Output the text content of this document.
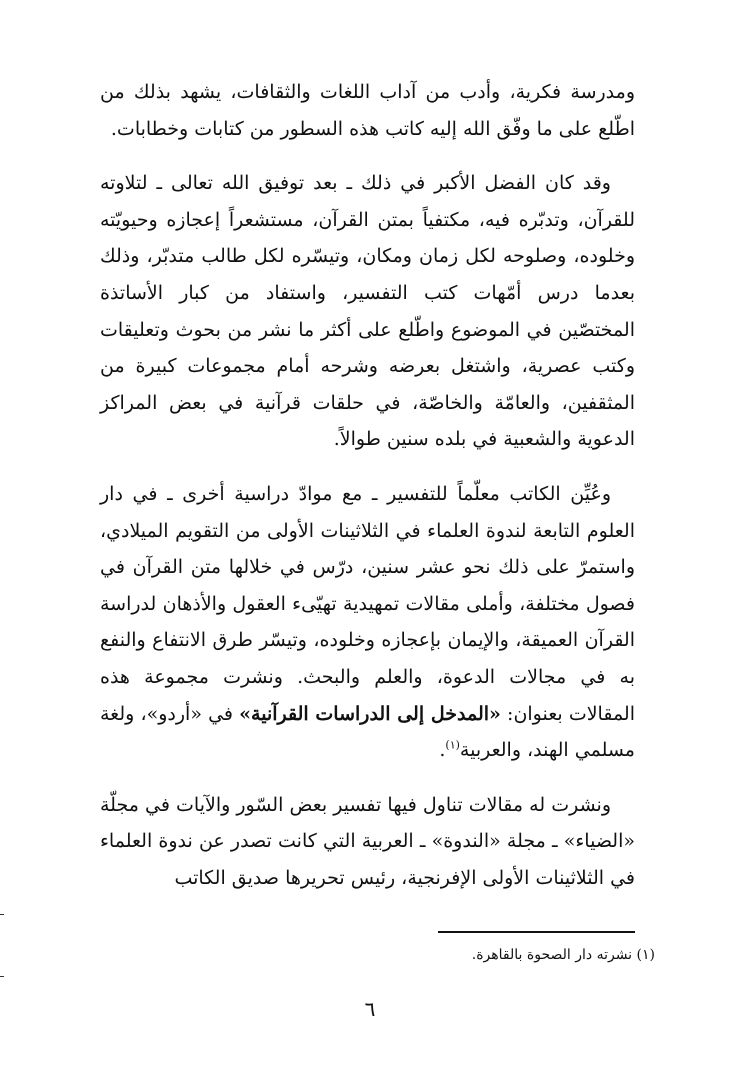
ومدرسة فكرية، وأدب من آداب اللغات والثقافات، يشهد بذلك من اطّلع على ما وفّق الله إليه كاتب هذه السطور من كتابات وخطابات.

وقد كان الفضل الأكبر في ذلك ـ بعد توفيق الله تعالى ـ لتلاوته للقرآن، وتدبّره فيه، مكتفياً بمتن القرآن، مستشعراً إعجازه وحيويّته وخلوده، وصلوحه لكل زمان ومكان، وتيسّره لكل طالب متدبّر، وذلك بعدما درس أمّهات كتب التفسير، واستفاد من كبار الأساتذة المختصّين في الموضوع واطّلع على أكثر ما نشر من بحوث وتعليقات وكتب عصرية، واشتغل بعرضه وشرحه أمام مجموعات كبيرة من المثقفين، والعامّة والخاصّة، في حلقات قرآنية في بعض المراكز الدعوية والشعبية في بلده سنين طوالاً.

وعُيِّن الكاتب معلّماً للتفسير ـ مع موادّ دراسية أخرى ـ في دار العلوم التابعة لندوة العلماء في الثلاثينات الأولى من التقويم الميلادي، واستمرّ على ذلك نحو عشر سنين، درّس في خلالها متن القرآن في فصول مختلفة، وأملى مقالات تمهيدية تهيّىء العقول والأذهان لدراسة القرآن العميقة، والإيمان بإعجازه وخلوده، وتيسّر طرق الانتفاع والنفع به في مجالات الدعوة، والعلم والبحث. ونشرت مجموعة هذه المقالات بعنوان: «المدخل إلى الدراسات القرآنية» في «أردو»، ولغة مسلمي الهند، والعربية$^{(١)}$.

ونشرت له مقالات تناول فيها تفسير بعض السّور والآيات في مجلّة «الضياء» ـ مجلة «الندوة» ـ العربية التي كانت تصدر عن ندوة العلماء في الثلاثينات الأولى الإفرنجية، رئيس تحريرها صديق الكاتب

(١) نشرته دار الصحوة بالقاهرة.
٦
